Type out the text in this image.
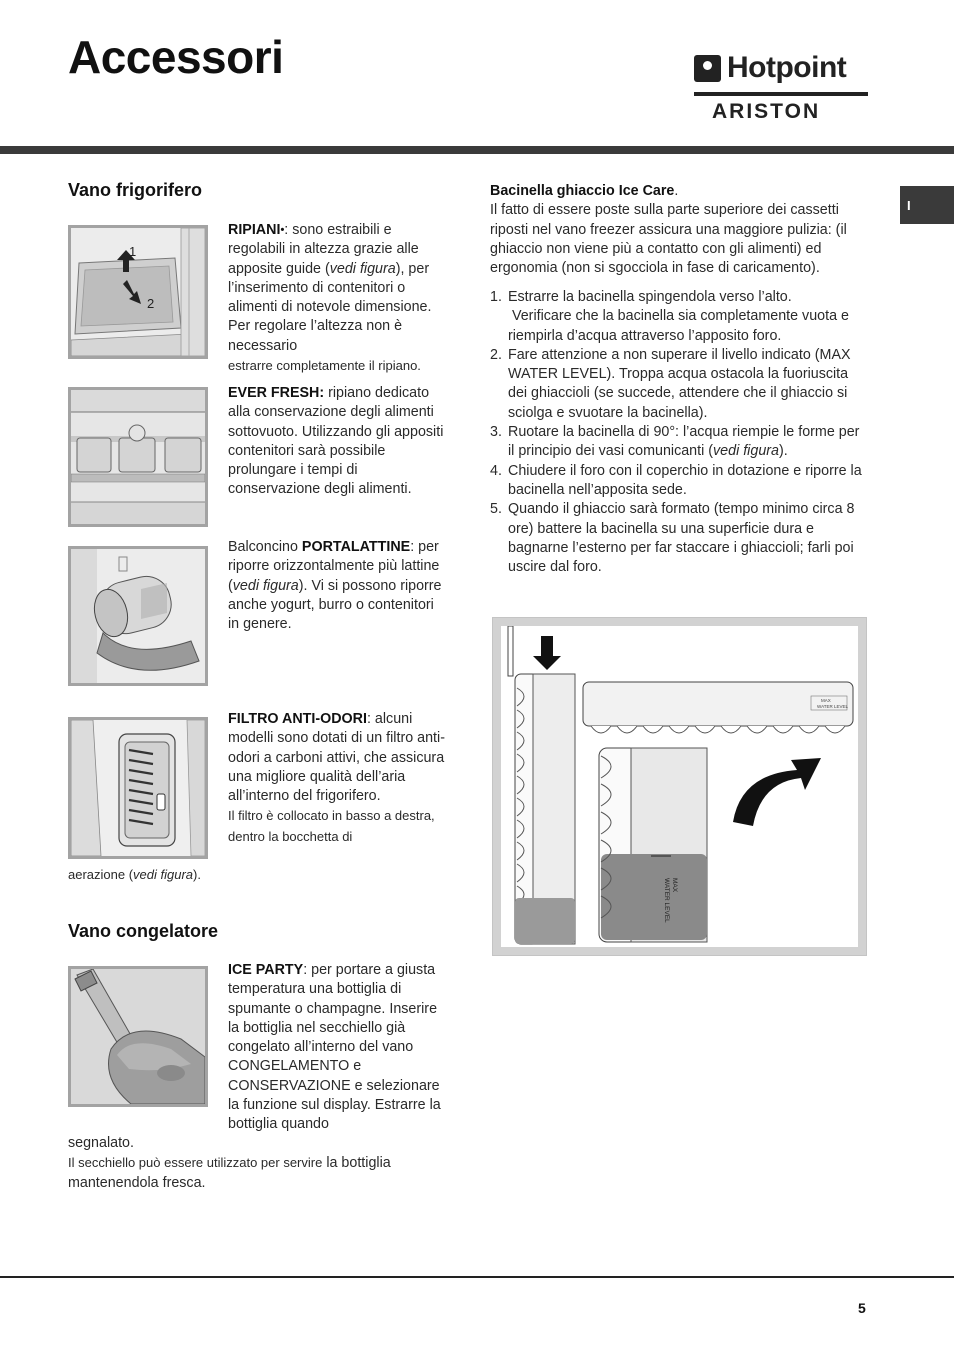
Accessori	Hotpoint
ARISTON
I
Vano frigorifero
1
2

RIPIANI•: sono estraibili e regolabili in altezza grazie alle apposite guide (vedi figura), per l’inserimento di contenitori o alimenti di notevole dimensione. Per regolare l’altezza non è necessario
estrarre completamente il ripiano.

EVER FRESH: ripiano dedicato alla conservazione degli alimenti sottovuoto. Utilizzando gli appositi contenitori sarà possibile prolungare i tempi di conservazione degli alimenti.

Balconcino PORTALATTINE: per riporre orizzontalmente più lattine (vedi figura). Vi si possono riporre anche yogurt, burro o contenitori in genere.

FILTRO ANTI-ODORI: alcuni modelli sono dotati di un filtro anti-odori a carboni attivi, che assicura una migliore qualità dell’aria all’interno del frigorifero.
Il filtro è collocato in basso a destra, dentro la bocchetta di

aerazione (vedi figura).

Vano congelatore

ICE PARTY: per portare a giusta temperatura una bottiglia di spumante o champagne. Inserire la bottiglia nel secchiello già congelato all’interno del vano CONGELAMENTO e CONSERVAZIONE e selezionare la funzione sul display. Estrarre la bottiglia quando

segnalato.
Il secchiello può essere utilizzato per servire la bottiglia mantenendola fresca.

Bacinella ghiaccio Ice Care.
Il fatto di essere poste sulla parte superiore dei cassetti riposti nel vano freezer assicura una maggiore pulizia: (il ghiaccio non viene più a contatto con gli alimenti) ed ergonomia (non si sgocciola in fase di caricamento).

1. Estrarre la bacinella spingendola verso l’alto.
Verificare che la bacinella sia completamente vuota e riempirla d’acqua attraverso l’apposito foro.
2. Fare attenzione a non superare il livello indicato (MAX WATER LEVEL). Troppa acqua ostacola la fuoriuscita dei ghiaccioli (se succede, attendere che il ghiaccio si sciolga e svuotare la bacinella).
3. Ruotare la bacinella di 90°: l’acqua riempie le forme per il principio dei vasi comunicanti (vedi figura).
4. Chiudere il foro con il coperchio in dotazione e riporre la bacinella nell’apposita sede.
5. Quando il ghiaccio sarà formato (tempo minimo circa 8 ore) battere la bacinella su una superficie dura e bagnarne l’esterno per far staccare i ghiaccioli; farli poi uscire dal foro.
MAX
WATER LEVEL
MAX
WATER LEVEL
5
